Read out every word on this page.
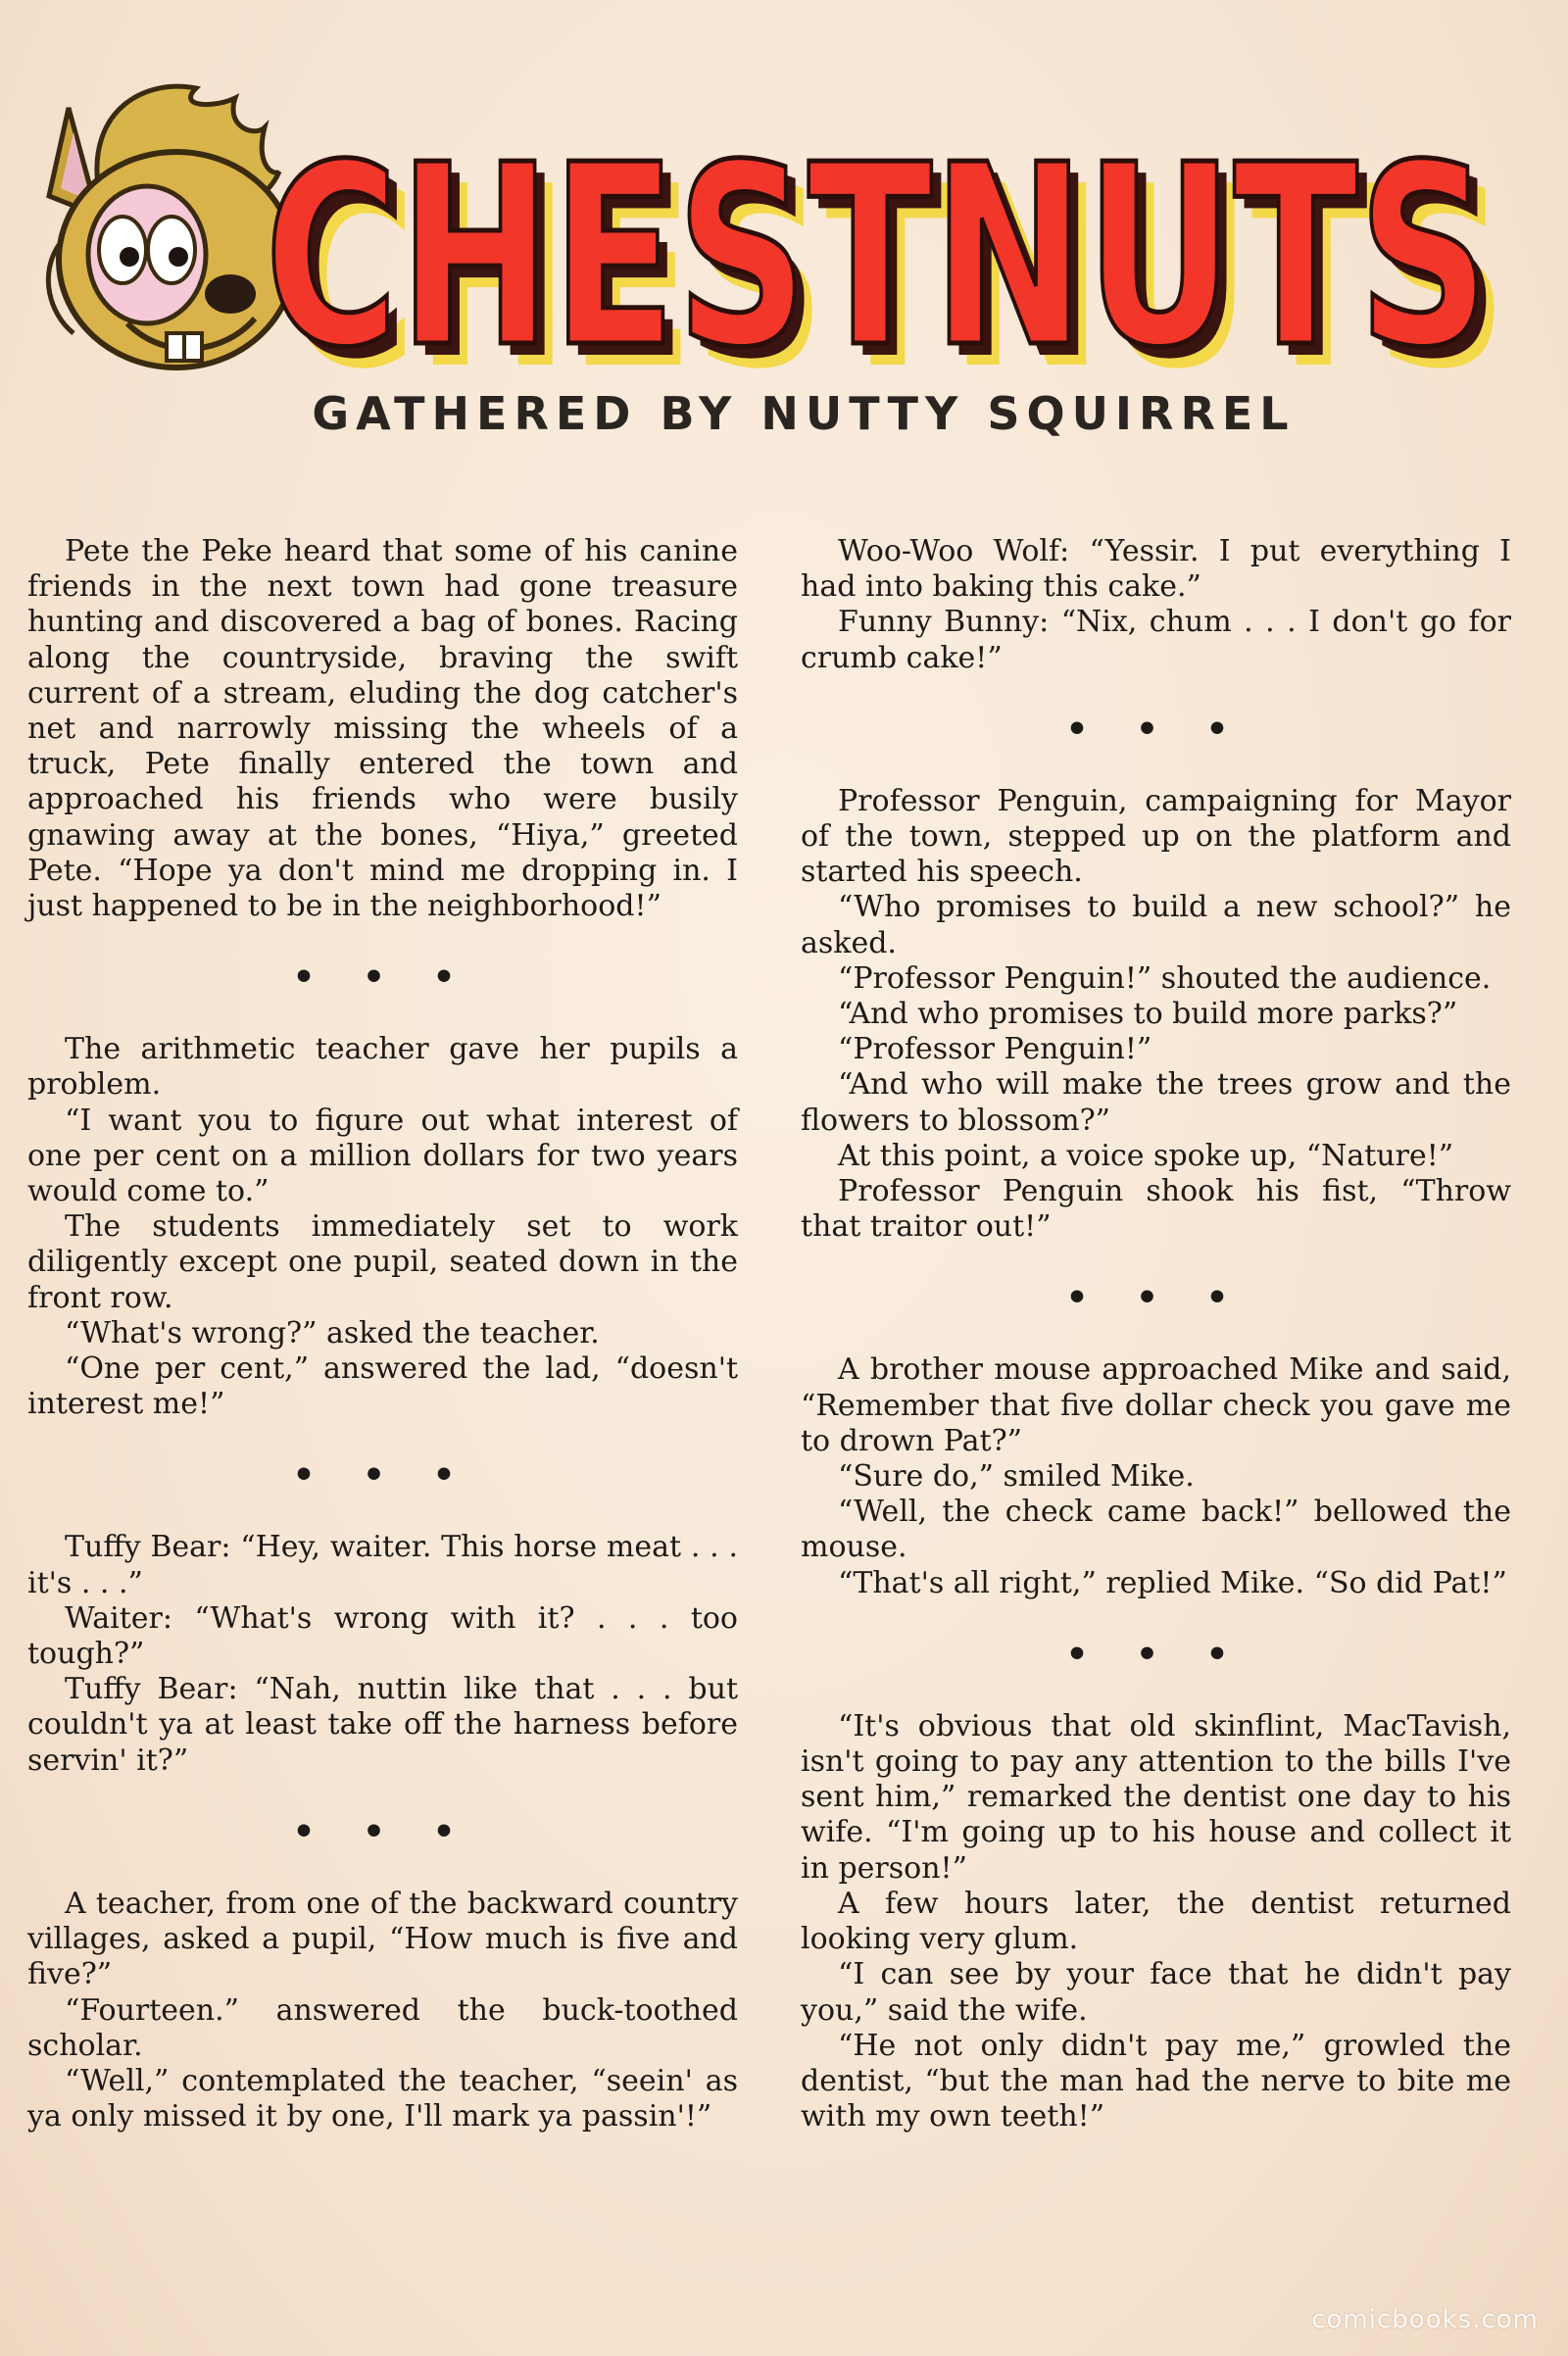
CHESTNUTS
CHESTNUTS
CHESTNUTS
GATHERED BY NUTTY SQUIRREL

Pete the Peke heard that some of his canine friends in the next town had gone treasure hunting and discovered a bag of bones. Racing along the countryside, braving the swift current of a stream, eluding the dog catcher's net and narrowly missing the wheels of a truck, Pete finally entered the town and approached his friends who were busily gnawing away at the bones, “Hiya,” greeted Pete. “Hope ya don't mind me dropping in. I just happened to be in the neighborhood!”

• • •

The arithmetic teacher gave her pupils a problem.

“I want you to figure out what interest of one per cent on a million dollars for two years would come to.”

The students immediately set to work diligently except one pupil, seated down in the front row.

“What's wrong?” asked the teacher.

“One per cent,” answered the lad, “doesn't interest me!”

• • •

Tuffy Bear: “Hey, waiter. This horse meat . . . it's . . .”

Waiter: “What's wrong with it? . . . too tough?”

Tuffy Bear: “Nah, nuttin like that . . . but couldn't ya at least take off the harness before servin' it?”

• • •

A teacher, from one of the backward country villages, asked a pupil, “How much is five and five?”

“Fourteen.” answered the buck-toothed scholar.

“Well,” contemplated the teacher, “seein' as ya only missed it by one, I'll mark ya passin'!”

Woo-Woo Wolf: “Yessir. I put everything I had into baking this cake.”

Funny Bunny: “Nix, chum . . . I don't go for crumb cake!”

• • •

Professor Penguin, campaigning for Mayor of the town, stepped up on the platform and started his speech.

“Who promises to build a new school?” he asked.

“Professor Penguin!” shouted the audience.

“And who promises to build more parks?”

“Professor Penguin!”

“And who will make the trees grow and the flowers to blossom?”

At this point, a voice spoke up, “Nature!”

Professor Penguin shook his fist, “Throw that traitor out!”

• • •

A brother mouse approached Mike and said, “Remember that five dollar check you gave me to drown Pat?”

“Sure do,” smiled Mike.

“Well, the check came back!” bellowed the mouse.

“That's all right,” replied Mike. “So did Pat!”

• • •

“It's obvious that old skinflint, MacTavish, isn't going to pay any attention to the bills I've sent him,” remarked the dentist one day to his wife. “I'm going up to his house and collect it in person!”

A few hours later, the dentist returned looking very glum.

“I can see by your face that he didn't pay you,” said the wife.

“He not only didn't pay me,” growled the dentist, “but the man had the nerve to bite me with my own teeth!”

comicbooks.com
